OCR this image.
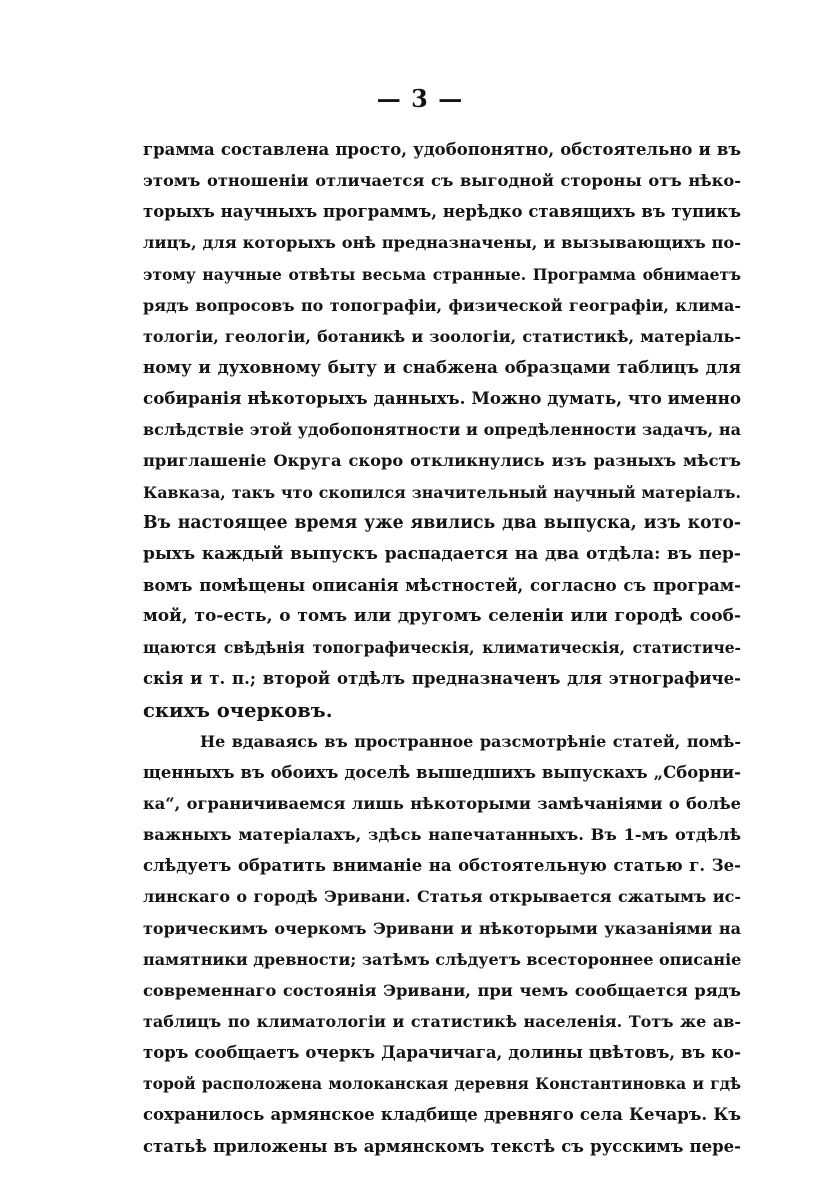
— 3 —
грамма составлена просто, удобопонятно, обстоятельно и въ
этомъ отношеніи отличается съ выгодной стороны отъ нѣко-
торыхъ научныхъ программъ, нерѣдко ставящихъ въ тупикъ
лицъ, для которыхъ онѣ предназначены, и вызывающихъ по-
этому научные отвѣты весьма странные. Программа обнимаетъ
рядъ вопросовъ по топографіи, физической географіи, клима-
тологіи, геологіи, ботаникѣ и зоологіи, статистикѣ, матеріаль-
ному и духовному быту и снабжена образцами таблицъ для
собиранія нѣкоторыхъ данныхъ. Можно думать, что именно
вслѣдствіе этой удобопонятности и опредѣленности задачъ, на
приглашеніе Округа скоро откликнулись изъ разныхъ мѣстъ
Кавказа, такъ что скопился значительный научный матеріалъ.
Въ настоящее время уже явились два выпуска, изъ кото-
рыхъ каждый выпускъ распадается на два отдѣла: въ пер-
вомъ помѣщены описанія мѣстностей, согласно съ програм-
мой, то-есть, о томъ или другомъ селеніи или городѣ сооб-
щаются свѣдѣнія топографическія, климатическія, статистиче-
скія и т. п.; второй отдѣлъ предназначенъ для этнографиче-
скихъ очерковъ.
Не вдаваясь въ пространное разсмотрѣніе статей, помѣ-
щенныхъ въ обоихъ доселѣ вышедшихъ выпускахъ „Сборни-
ка“, ограничиваемся лишь нѣкоторыми замѣчаніями о болѣе
важныхъ матеріалахъ, здѣсь напечатанныхъ. Въ 1-мъ отдѣлѣ
слѣдуетъ обратить вниманіе на обстоятельную статью г. Зе-
линскаго о городѣ Эривани. Статья открывается сжатымъ ис-
торическимъ очеркомъ Эривани и нѣкоторыми указаніями на
памятники древности; затѣмъ слѣдуетъ всестороннее описаніе
современнаго состоянія Эривани, при чемъ сообщается рядъ
таблицъ по климатологіи и статистикѣ населенія. Тотъ же ав-
торъ сообщаетъ очеркъ Дарачичага, долины цвѣтовъ, въ ко-
торой расположена молоканская деревня Константиновка и гдѣ
сохранилось армянское кладбище древняго села Кечаръ. Къ
статьѣ приложены въ армянскомъ текстѣ съ русскимъ пере-
